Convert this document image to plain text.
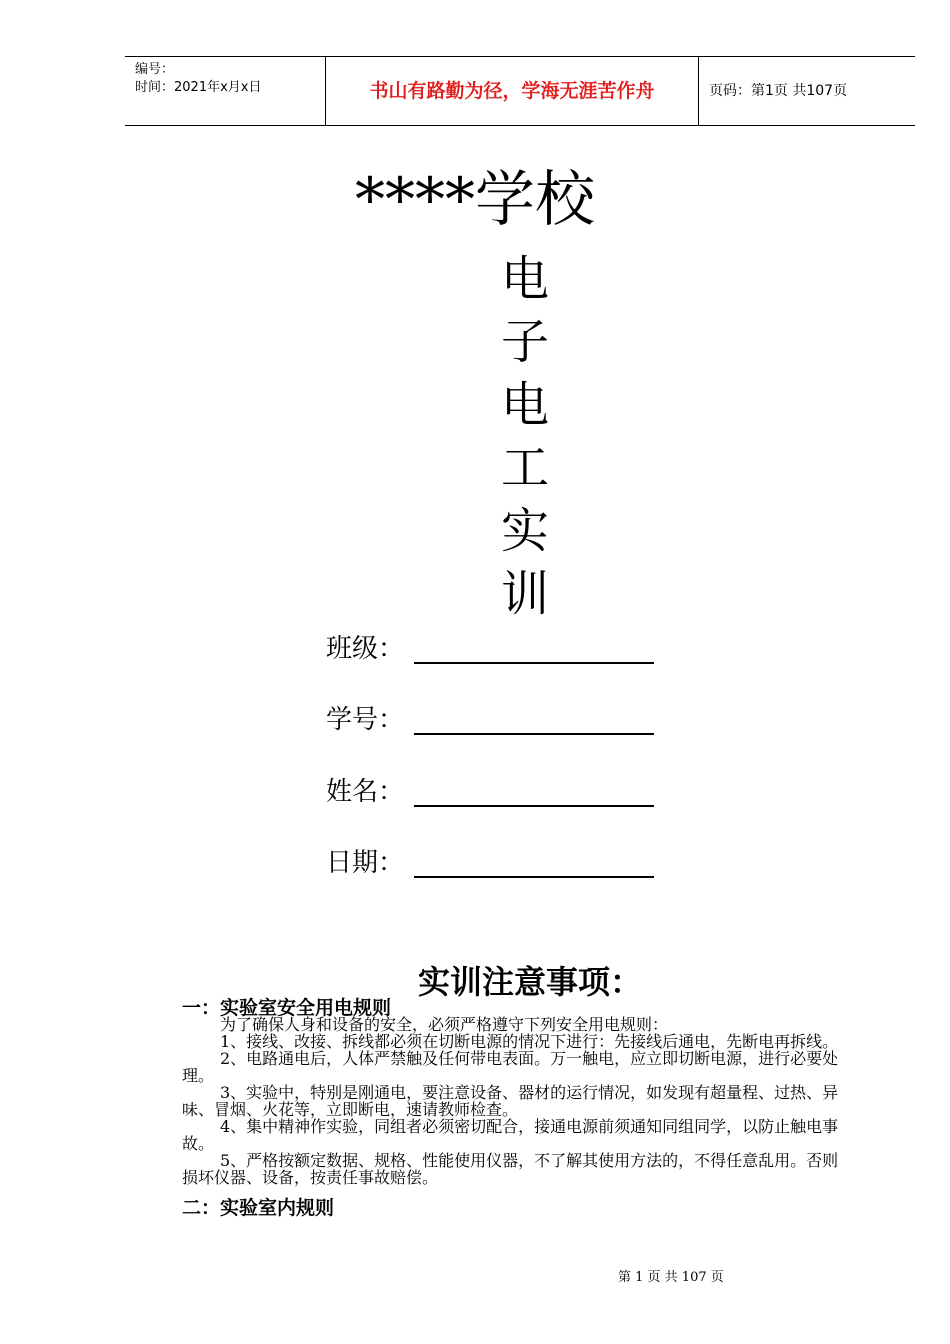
编号：
时间：2021年x月x日	书山有路勤为径，学海无涯苦作舟	页码：第1页 共107页
****学校
电
子
电
工
实
训
班级：
学号：
姓名：
日期：
实训注意事项：
一：实验室安全用电规则

为了确保人身和设备的安全，必须严格遵守下列安全用电规则：

1、接线、改接、拆线都必须在切断电源的情况下进行：先接线后通电，先断电再拆线。

2、电路通电后，人体严禁触及任何带电表面。万一触电，应立即切断电源，进行必要处理。

3、实验中，特别是刚通电，要注意设备、器材的运行情况，如发现有超量程、过热、异味、冒烟、火花等，立即断电，速请教师检查。

4、集中精神作实验，同组者必须密切配合，接通电源前须通知同组同学，以防止触电事故。

5、严格按额定数据、规格、性能使用仪器，不了解其使用方法的，不得任意乱用。否则损坏仪器、设备，按责任事故赔偿。

二：实验室内规则
第 1 页 共 107 页
